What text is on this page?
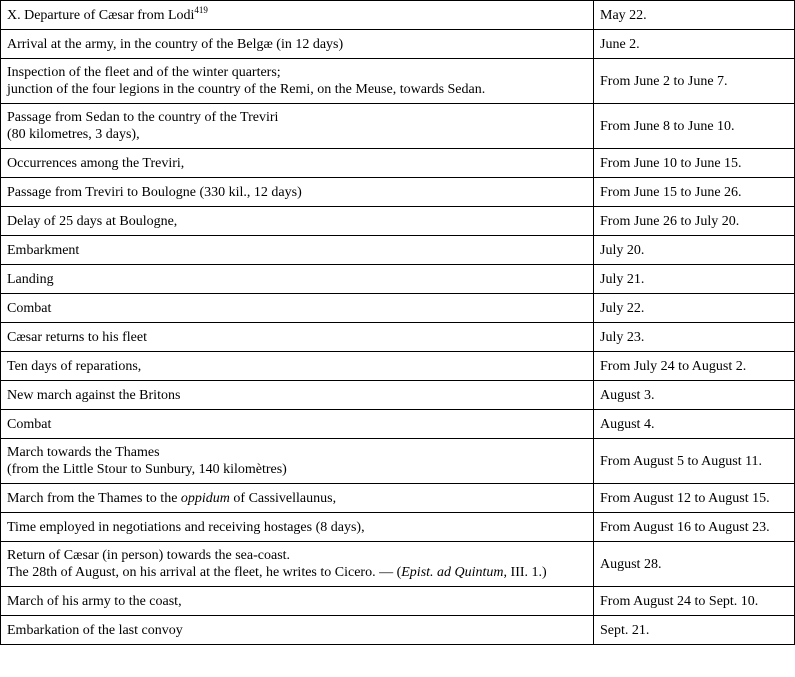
X. Departure of Cæsar from Lodi$^{419}$	May 22.
Arrival at the army, in the country of the Belgæ (in 12 days)	June 2.

Inspection of the fleet and of the winter quarters;
junction of the four legions in the country of the Remi, on the Meuse, towards Sedan.	From June 2 to June 7.

Passage from Sedan to the country of the Treviri
(80 kilometres, 3 days),	From June 8 to June 10.
Occurrences among the Treviri,	From June 10 to June 15.
Passage from Treviri to Boulogne (330 kil., 12 days)	From June 15 to June 26.
Delay of 25 days at Boulogne,	From June 26 to July 20.
Embarkment	July 20.
Landing	July 21.
Combat	July 22.
Cæsar returns to his fleet	July 23.
Ten days of reparations,	From July 24 to August 2.
New march against the Britons	August 3.
Combat	August 4.

March towards the Thames
(from the Little Stour to Sunbury, 140 kilomètres)	From August 5 to August 11.
March from the Thames to the oppidum of Cassivellaunus,	From August 12 to August 15.
Time employed in negotiations and receiving hostages (8 days),	From August 16 to August 23.

Return of Cæsar (in person) towards the sea-coast.
The 28th of August, on his arrival at the fleet, he writes to Cicero. — (Epist. ad Quintum, III. 1.)	August 28.
March of his army to the coast,	From August 24 to Sept. 10.
Embarkation of the last convoy	Sept. 21.
